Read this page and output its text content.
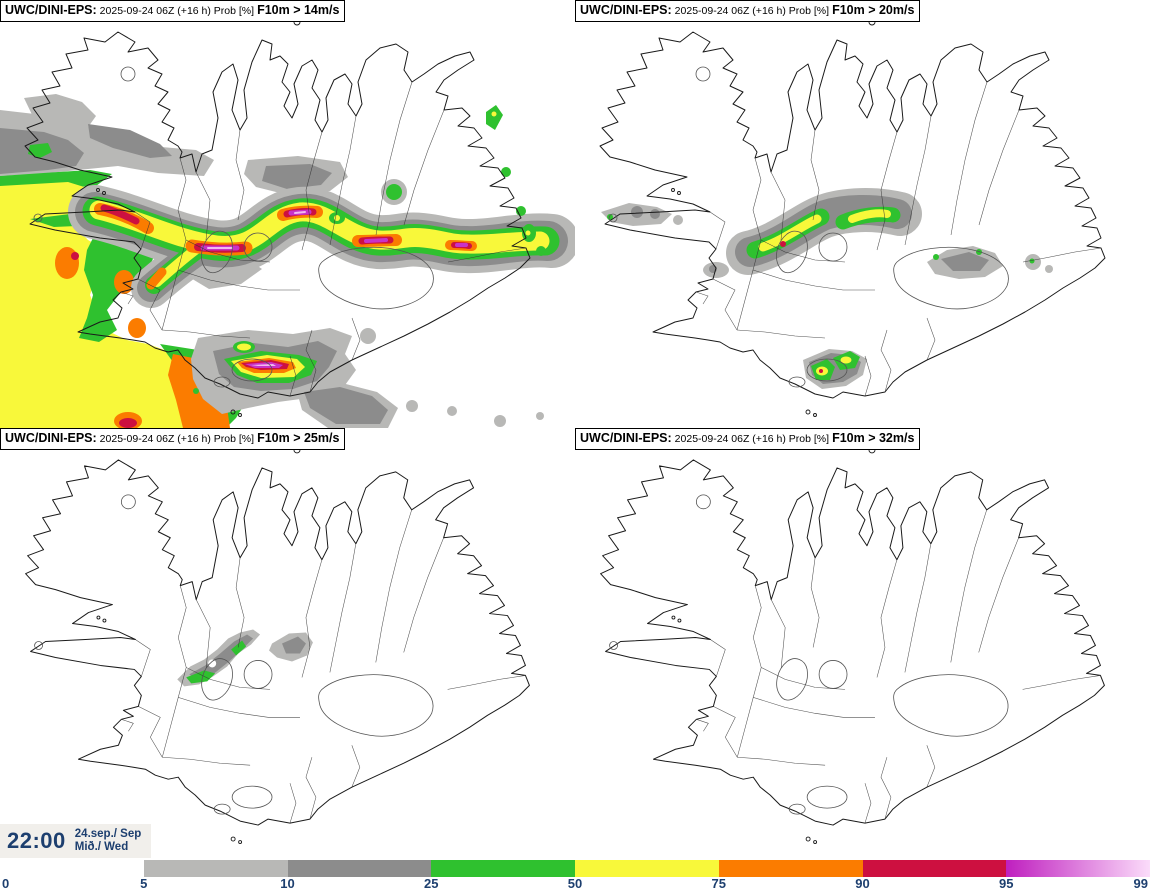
UWC/DINI-EPS: 2025-09-24 06Z (+16 h) Prob [%] F10m > 14m/s	UWC/DINI-EPS: 2025-09-24 06Z (+16 h) Prob [%] F10m > 20m/s
UWC/DINI-EPS: 2025-09-24 06Z (+16 h) Prob [%] F10m > 25m/s	UWC/DINI-EPS: 2025-09-24 06Z (+16 h) Prob [%] F10m > 32m/s
22:00 24.sep./ Sep
Mið./ Wed
0	5	10	25	50	75	90	95	99
